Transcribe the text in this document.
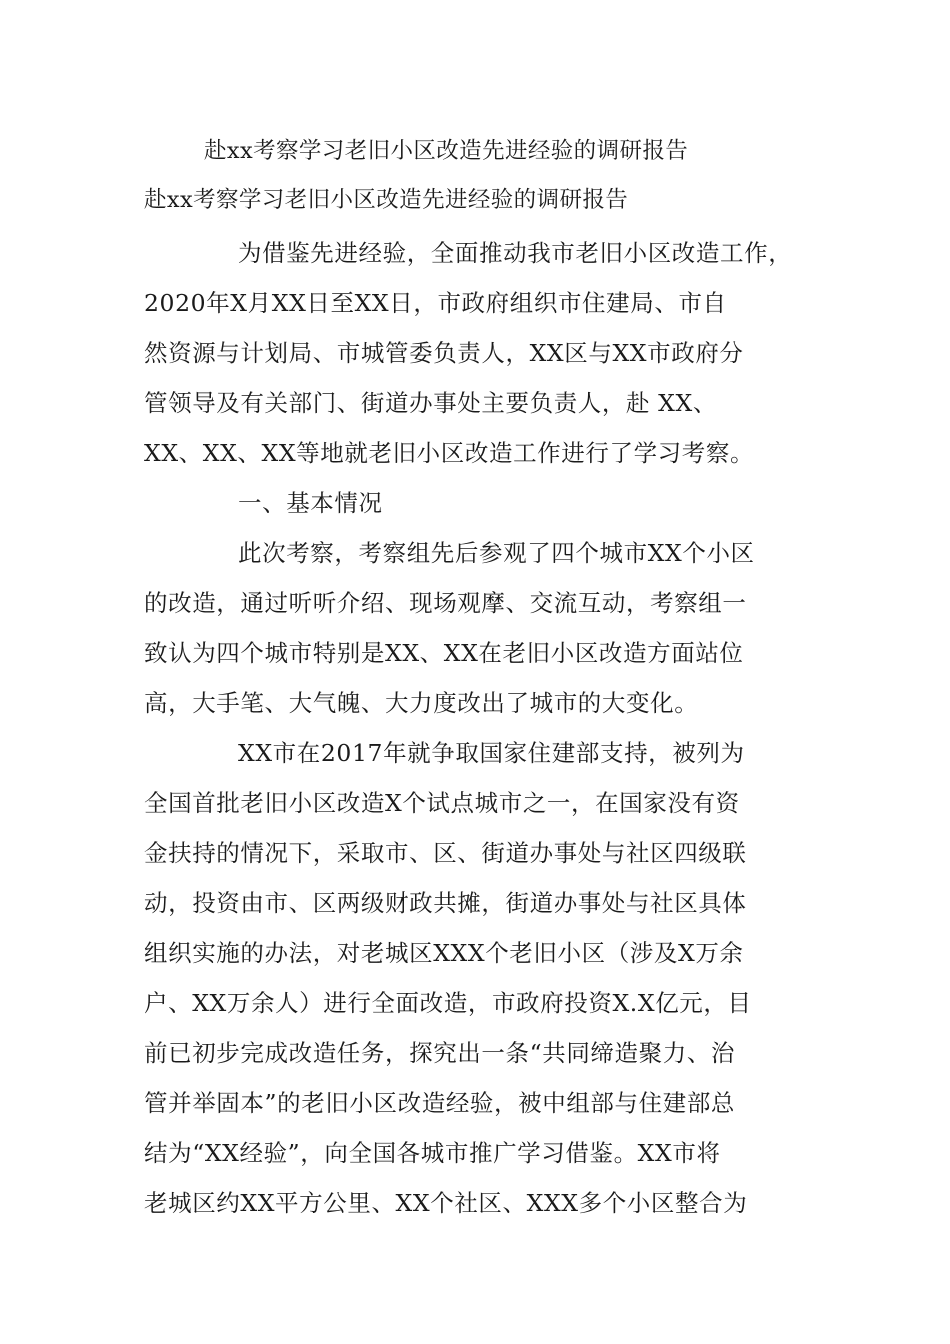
赴xx考察学习老旧小区改造先进经验的调研报告
赴xx考察学习老旧小区改造先进经验的调研报告
为借鉴先进经验，全面推动我市老旧小区改造工作，
2020年X月XX日至XX日，市政府组织市住建局、市自
然资源与计划局、市城管委负责人，XX区与XX市政府分
管领导及有关部门、街道办事处主要负责人，赴 XX、
XX、XX、XX等地就老旧小区改造工作进行了学习考察。
一、基本情况
此次考察，考察组先后参观了四个城市XX个小区
的改造，通过听听介绍、现场观摩、交流互动，考察组一
致认为四个城市特别是XX、XX在老旧小区改造方面站位
高，大手笔、大气魄、大力度改出了城市的大变化。
XX市在2017年就争取国家住建部支持，被列为
全国首批老旧小区改造X个试点城市之一，在国家没有资
金扶持的情况下，采取市、区、街道办事处与社区四级联
动，投资由市、区两级财政共摊，街道办事处与社区具体
组织实施的办法，对老城区XXX个老旧小区（涉及X万余
户、XX万余人）进行全面改造，市政府投资X.X亿元，目
前已初步完成改造任务，探究出一条“共同缔造聚力、治
管并举固本”的老旧小区改造经验，被中组部与住建部总
结为“XX经验”，向全国各城市推广学习借鉴。XX市将
老城区约XX平方公里、XX个社区、XXX多个小区整合为
